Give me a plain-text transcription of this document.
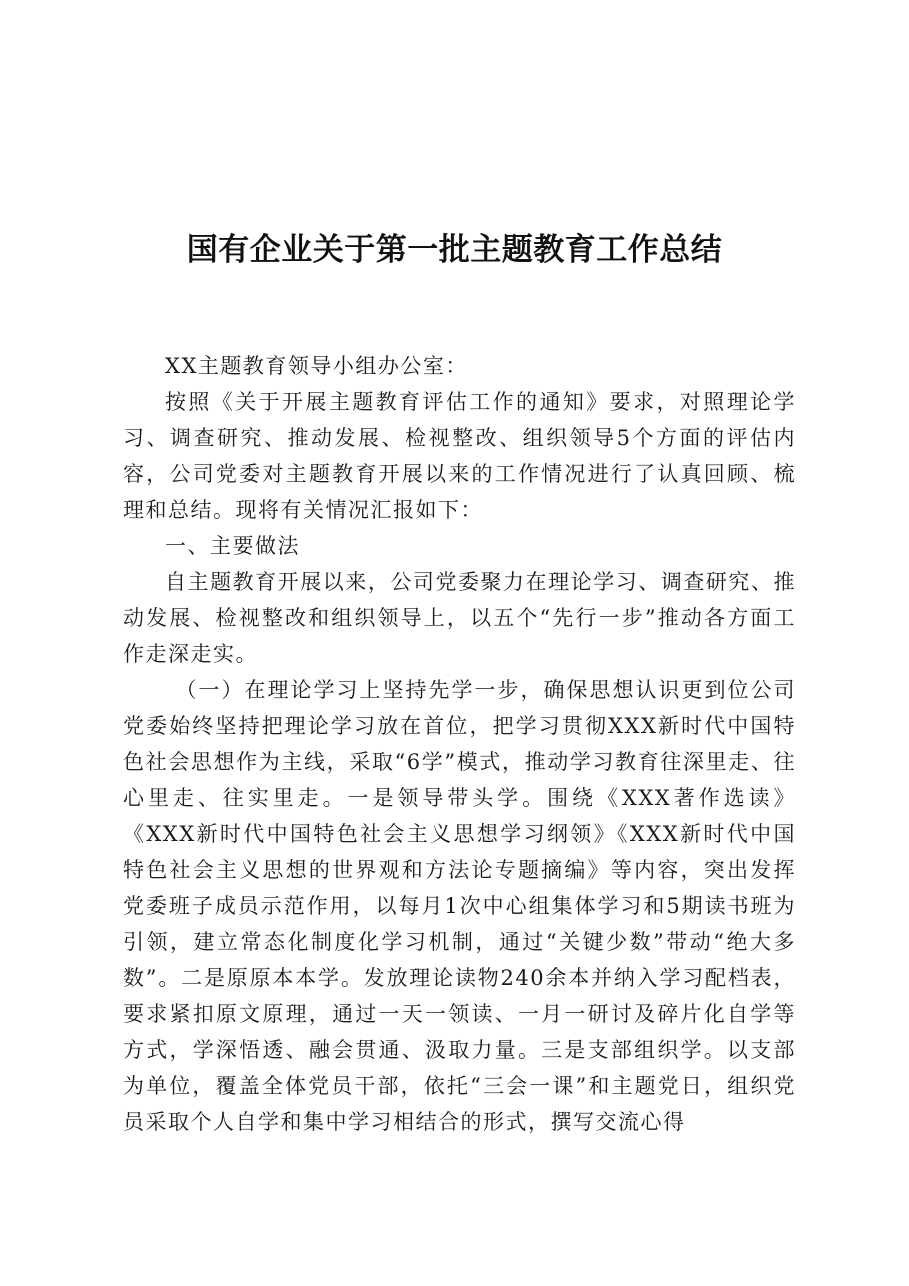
国有企业关于第一批主题教育工作总结

XX主题教育领导小组办公室：

按照《关于开展主题教育评估工作的通知》要求，对照理论学习、调查研究、推动发展、检视整改、组织领导5个方面的评估内容，公司党委对主题教育开展以来的工作情况进行了认真回顾、梳理和总结。现将有关情况汇报如下：

一、主要做法

自主题教育开展以来，公司党委聚力在理论学习、调查研究、推动发展、检视整改和组织领导上，以五个“先行一步”推动各方面工作走深走实。

（一）在理论学习上坚持先学一步，确保思想认识更到位公司党委始终坚持把理论学习放在首位，把学习贯彻XXX新时代中国特色社会思想作为主线，采取“6学”模式，推动学习教育往深里走、往心里走、往实里走。一是领导带头学。围绕《XXX著作选读》《XXX新时代中国特色社会主义思想学习纲领》《XXX新时代中国特色社会主义思想的世界观和方法论专题摘编》等内容，突出发挥党委班子成员示范作用，以每月1次中心组集体学习和5期读书班为引领，建立常态化制度化学习机制，通过“关键少数”带动“绝大多数”。二是原原本本学。发放理论读物240余本并纳入学习配档表，要求紧扣原文原理，通过一天一领读、一月一研讨及碎片化自学等方式，学深悟透、融会贯通、汲取力量。三是支部组织学。以支部为单位，覆盖全体党员干部，依托“三会一课”和主题党日，组织党员采取个人自学和集中学习相结合的形式，撰写交流心得
